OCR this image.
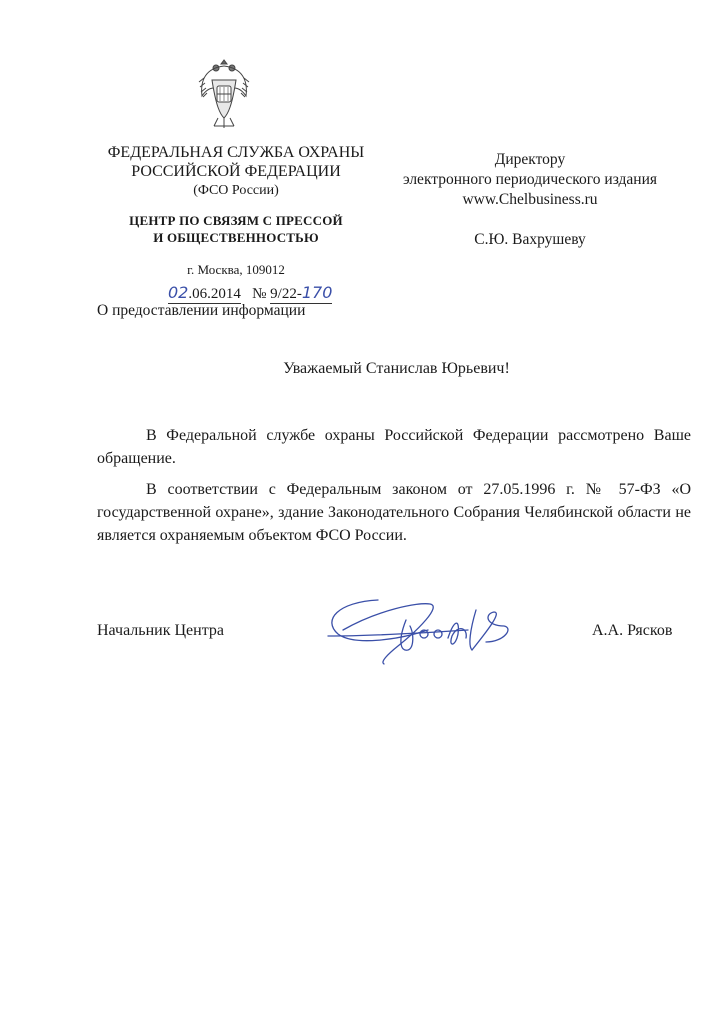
ФЕДЕРАЛЬНАЯ СЛУЖБА ОХРАНЫ

РОССИЙСКОЙ ФЕДЕРАЦИИ

(ФСО России)

ЦЕНТР ПО СВЯЗЯМ С ПРЕССОЙ
И ОБЩЕСТВЕННОСТЬЮ
г. Москва, 109012
02.06.2014 № 9/22-170
О предоставлении информации
Директору
электронного периодического издания
www.Chelbusiness.ru
С.Ю. Вахрушеву
Уважаемый Станислав Юрьевич!

В Федеральной службе охраны Российской Федерации рассмотрено Ваше обращение.

В соответствии с Федеральным законом от 27.05.1996 г. № 57-ФЗ «О государственной охране», здание Законодательного Собрания Челябинской области не является охраняемым объектом ФСО России.

Начальник Центра	А.А. Рясков
